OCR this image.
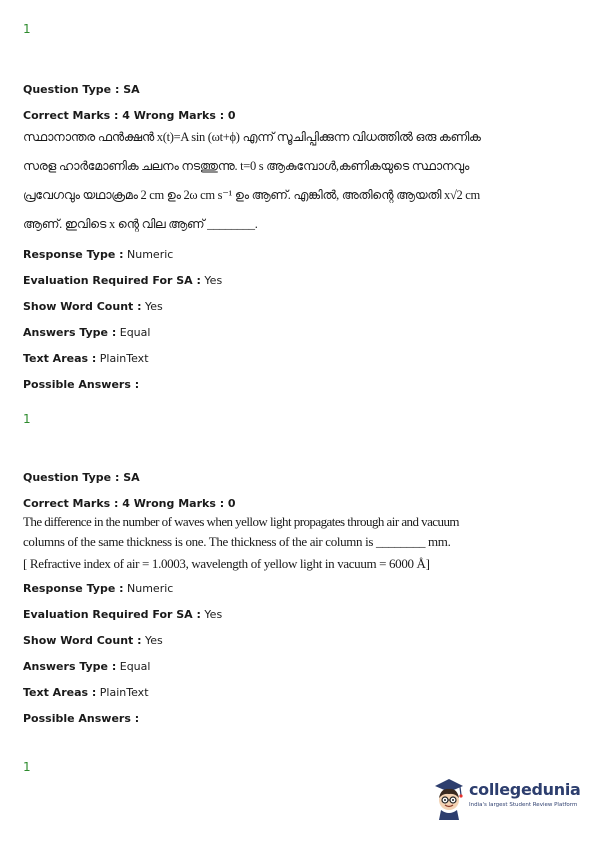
1

Question Type : SA

Correct Marks : 4 Wrong Marks : 0

സ്ഥാനാന്തര ഫൻക്ഷൻ x(t)=A sin (ωt+ϕ) എന്ന് സൂചിപ്പിക്കുന്ന വിധത്തിൽ ഒരു കണിക
സരള ഹാർമോണിക ചലനം നടത്തുന്നു. t=0 s ആകുമ്പോൾ,കണികയുടെ സ്ഥാനവും
പ്രവേഗവും യഥാക്രമം 2 cm ഉം 2ω cm s⁻¹ ഉം ആണ്. എങ്കിൽ, അതിന്റെ ആയതി x√2 cm
ആണ്. ഇവിടെ x ന്റെ വില ആണ് ________.

Response Type : Numeric

Evaluation Required For SA : Yes

Show Word Count : Yes

Answers Type : Equal

Text Areas : PlainText

Possible Answers :

1

Question Type : SA

Correct Marks : 4 Wrong Marks : 0

The difference in the number of waves when yellow light propagates through air and vacuum
columns of the same thickness is one. The thickness of the air column is ________ mm.
[ Refractive index of air = 1.0003, wavelength of yellow light in vacuum = 6000 Å]

Response Type : Numeric

Evaluation Required For SA : Yes

Show Word Count : Yes

Answers Type : Equal

Text Areas : PlainText

Possible Answers :

1
collegedunia
India's largest Student Review Platform
